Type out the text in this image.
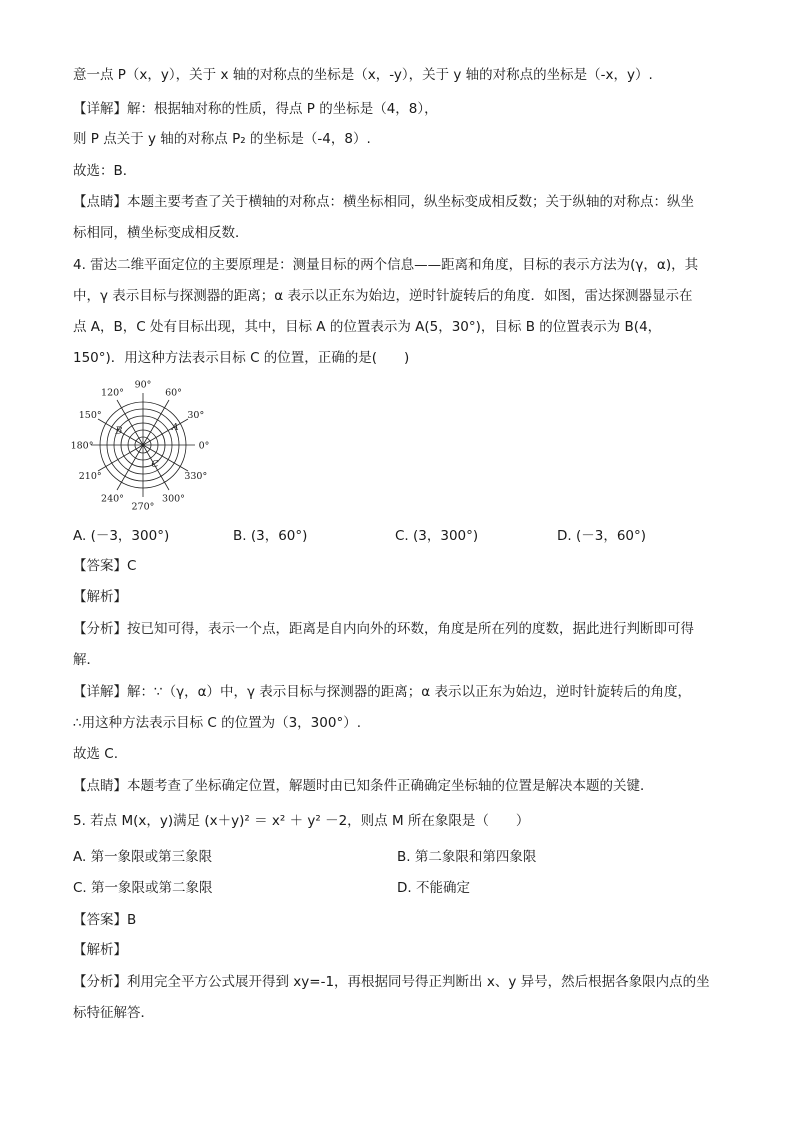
意一点 P（x，y），关于 x 轴的对称点的坐标是（x，-y），关于 y 轴的对称点的坐标是（-x，y）.
【详解】解：根据轴对称的性质，得点 P 的坐标是（4，8），
则 P 点关于 y 轴的对称点 P₂ 的坐标是（-4，8）.
故选：B．
【点睛】本题主要考查了关于横轴的对称点：横坐标相同，纵坐标变成相反数；关于纵轴的对称点：纵坐
标相同，横坐标变成相反数．
4. 雷达二维平面定位的主要原理是：测量目标的两个信息——距离和角度，目标的表示方法为(γ，α)，其
中，γ 表示目标与探测器的距离；α 表示以正东为始边，逆时针旋转后的角度．如图，雷达探测器显示在
点 A，B，C 处有目标出现，其中，目标 A 的位置表示为 A(5，30°)，目标 B 的位置表示为 B(4，
150°)．用这种方法表示目标 C 的位置，正确的是(　　)
0°
30°
60°
90°
120°
150°
180°
210°
240°
270°
300°
330°
A
B
C
A. (－3，300°)	B. (3，60°)	C. (3，300°)	D. (－3，60°)
【答案】C
【解析】
【分析】按已知可得，表示一个点，距离是自内向外的环数，角度是所在列的度数，据此进行判断即可得
解．
【详解】解：∵（γ，α）中，γ 表示目标与探测器的距离；α 表示以正东为始边，逆时针旋转后的角度，
∴用这种方法表示目标 C 的位置为（3，300°）.
故选 C.
【点睛】本题考查了坐标确定位置，解题时由已知条件正确确定坐标轴的位置是解决本题的关键．
5. 若点 M(x，y)满足 (x＋y)² ＝ x² ＋ y² －2，则点 M 所在象限是（　　）
A. 第一象限或第三象限	B. 第二象限和第四象限
C. 第一象限或第二象限	D. 不能确定
【答案】B
【解析】
【分析】利用完全平方公式展开得到 xy=-1，再根据同号得正判断出 x、y 异号，然后根据各象限内点的坐
标特征解答．
